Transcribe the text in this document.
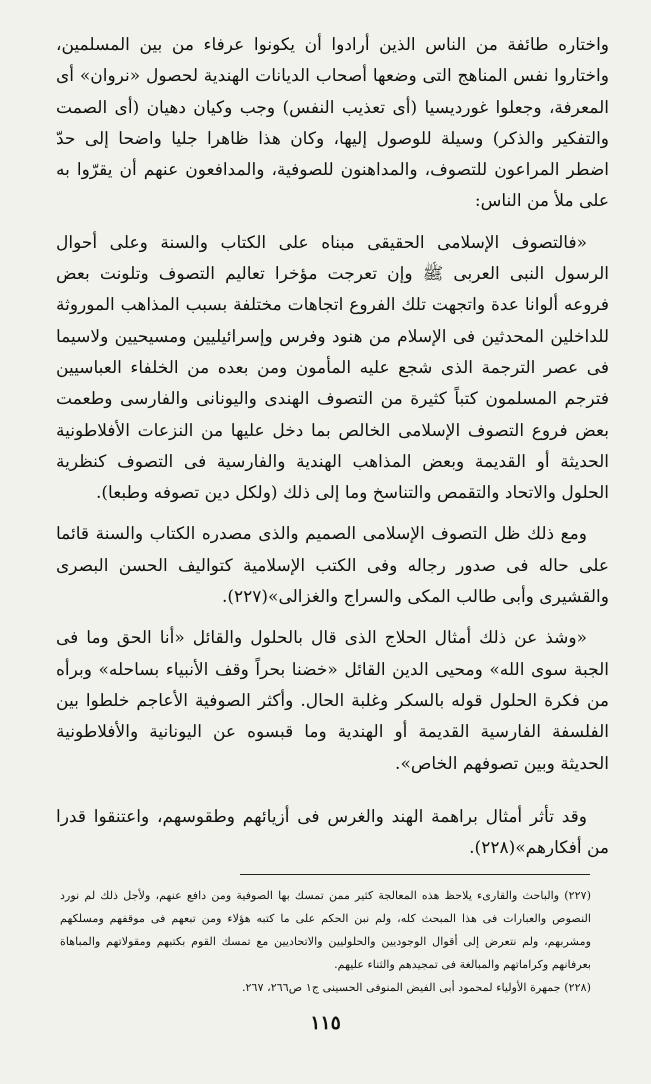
واختاره طائفة من الناس الذين أرادوا أن يكونوا عرفاء من بين المسلمين، واختاروا نفس المناهج التى وضعها أصحاب الديانات الهندية لحصول «نروان» أى المعرفة، وجعلوا غورديسيا (أى تعذيب النفس) وجب وكيان دهيان (أى الصمت والتفكير والذكر) وسيلة للوصول إليها، وكان هذا ظاهرا جليا واضحا إلى حدّ اضطر المراعون للتصوف، والمداهنون للصوفية، والمدافعون عنهم أن يقرّوا به على ملأ من الناس:

«فالتصوف الإسلامى الحقيقى مبناه على الكتاب والسنة وعلى أحوال الرسول النبى العربى ﷺ وإن تعرجت مؤخرا تعاليم التصوف وتلونت بعض فروعه ألوانا عدة واتجهت تلك الفروع اتجاهات مختلفة بسبب المذاهب الموروثة للداخلين المحدثين فى الإسلام من هنود وفرس وإسرائيليين ومسيحيين ولاسيما فى عصر الترجمة الذى شجع عليه المأمون ومن بعده من الخلفاء العباسيين فترجم المسلمون كتباً كثيرة من التصوف الهندى واليونانى والفارسى وطعمت بعض فروع التصوف الإسلامى الخالص بما دخل عليها من النزعات الأفلاطونية الحديثة أو القديمة وبعض المذاهب الهندية والفارسية فى التصوف كنظرية الحلول والاتحاد والتقمص والتناسخ وما إلى ذلك (ولكل دين تصوفه وطبعا).

ومع ذلك ظل التصوف الإسلامى الصميم والذى مصدره الكتاب والسنة قائما على حاله فى صدور رجاله وفى الكتب الإسلامية كتواليف الحسن البصرى والقشيرى وأبى طالب المكى والسراج والغزالى»(٢٢٧).

«وشذ عن ذلك أمثال الحلاج الذى قال بالحلول والقائل «أنا الحق وما فى الجبة سوى الله» ومحيى الدين القائل «خضنا بحراً وقف الأنبياء بساحله» وبرأه من فكرة الحلول قوله بالسكر وغلبة الحال. وأكثر الصوفية الأعاجم خلطوا بين الفلسفة الفارسية القديمة أو الهندية وما قبسوه عن اليونانية والأفلاطونية الحديثة وبين تصوفهم الخاص».

وقد تأثر أمثال براهمة الهند والغرس فى أزيائهم وطقوسهم، واعتنقوا قدرا من أفكارهم»(٢٢٨).

(٢٢٧) والباحث والقارىء يلاحظ هذه المعالجة كثير ممن تمسك بها الصوفية ومن دافع عنهم، ولأجل ذلك لم نورد النصوص والعبارات فى هذا المبحث كله، ولم نبن الحكم على ما كتبه هؤلاء ومن تبعهم فى موقفهم ومسلكهم ومشربهم، ولم نتعرض إلى أقوال الوجوديين والحلوليين والاتحاديين مع تمسك القوم بكتبهم ومقولاتهم والمباهاة بعرفانهم وكراماتهم والمبالغة فى تمجيدهم والثناء عليهم.

(٢٢٨) جمهرة الأولياء لمحمود أبى الفيض المنوفى الحسينى ج١ ص٢٦٦، ٢٦٧.

١١٥
